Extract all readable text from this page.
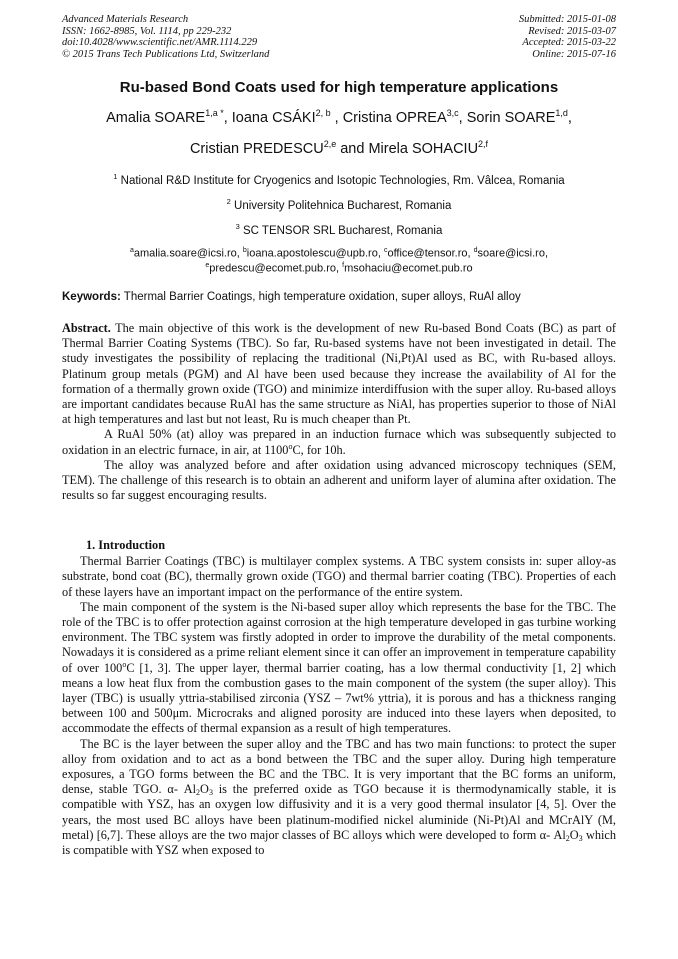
Advanced Materials Research
ISSN: 1662-8985, Vol. 1114, pp 229-232
doi:10.4028/www.scientific.net/AMR.1114.229
© 2015 Trans Tech Publications Ltd, Switzerland
Submitted: 2015-01-08
Revised: 2015-03-07
Accepted: 2015-03-22
Online: 2015-07-16
Ru-based Bond Coats used for high temperature applications
Amalia $SOARE^{1,a *}$, Ioana CSÁKI$^{2, b}$ , Cristina OPREA$^{3,c}$, Sorin SOARE$^{1,d}$,
Cristian PREDESCU$^{2,e}$ and Mirela SOHACIU$^{2,f}$
$^1$ National R&D Institute for Cryogenics and Isotopic Technologies, Rm. Vâlcea, Romania
$^2$ University Politehnica Bucharest, Romania
$^3$ SC TENSOR SRL Bucharest, Romania
$^a$amalia.soare@icsi.ro, $^b$ioana.apostolescu@upb.ro, $^c$office@tensor.ro, $^d$soare@icsi.ro,
$^e$predescu@ecomet.pub.ro, $^f$msohaciu@ecomet.pub.ro
Keywords: Thermal Barrier Coatings, high temperature oxidation, super alloys, RuAl alloy

Abstract. The main objective of this work is the development of new Ru-based Bond Coats (BC) as part of Thermal Barrier Coating Systems (TBC). So far, Ru-based systems have not been investigated in detail. The study investigates the possibility of replacing the traditional (Ni,Pt)Al used as BC, with Ru-based alloys. Platinum group metals (PGM) and Al have been used because they increase the availability of Al for the formation of a thermally grown oxide (TGO) and minimize interdiffusion with the super alloy. Ru-based alloys are important candidates because RuAl has the same structure as NiAl, has properties superior to those of NiAl at high temperatures and last but not least, Ru is much cheaper than Pt.

A RuAl 50% (at) alloy was prepared in an induction furnace which was subsequently subjected to oxidation in an electric furnace, in air, at 1100$^o$C, for 10h.

The alloy was analyzed before and after oxidation using advanced microscopy techniques (SEM, TEM). The challenge of this research is to obtain an adherent and uniform layer of alumina after oxidation. The results so far suggest encouraging results.

1. Introduction

Thermal Barrier Coatings (TBC) is multilayer complex systems. A TBC system consists in: super alloy-as substrate, bond coat (BC), thermally grown oxide (TGO) and thermal barrier coating (TBC). Properties of each of these layers have an important impact on the performance of the entire system.

The main component of the system is the Ni-based super alloy which represents the base for the TBC. The role of the TBC is to offer protection against corrosion at the high temperature developed in gas turbine working environment. The TBC system was firstly adopted in order to improve the durability of the metal components. Nowadays it is considered as a prime reliant element since it can offer an improvement in temperature capability of over 100$^o$C [1, 3]. The upper layer, thermal barrier coating, has a low thermal conductivity [1, 2] which means a low heat flux from the combustion gases to the main component of the system (the super alloy). This layer (TBC) is usually yttria-stabilised zirconia (YSZ – 7wt% yttria), it is porous and has a thickness ranging between 100 and 500μm. Microcraks and aligned porosity are induced into these layers when deposited, to accommodate the effects of thermal expansion as a result of high temperatures.

The BC is the layer between the super alloy and the TBC and has two main functions: to protect the super alloy from oxidation and to act as a bond between the TBC and the super alloy. During high temperature exposures, a TGO forms between the BC and the TBC. It is very important that the BC forms an uniform, dense, stable TGO. α- $Al_2O_3$ is the preferred oxide as TGO because it is thermodynamically stable, it is compatible with YSZ, has an oxygen low diffusivity and it is a very good thermal insulator [4, 5]. Over the years, the most used BC alloys have been platinum-modified nickel aluminide (Ni-Pt)Al and MCrAlY (M, metal) [6,7]. These alloys are the two major classes of BC alloys which were developed to form α- $Al_2O_3$ which is compatible with YSZ when exposed to
